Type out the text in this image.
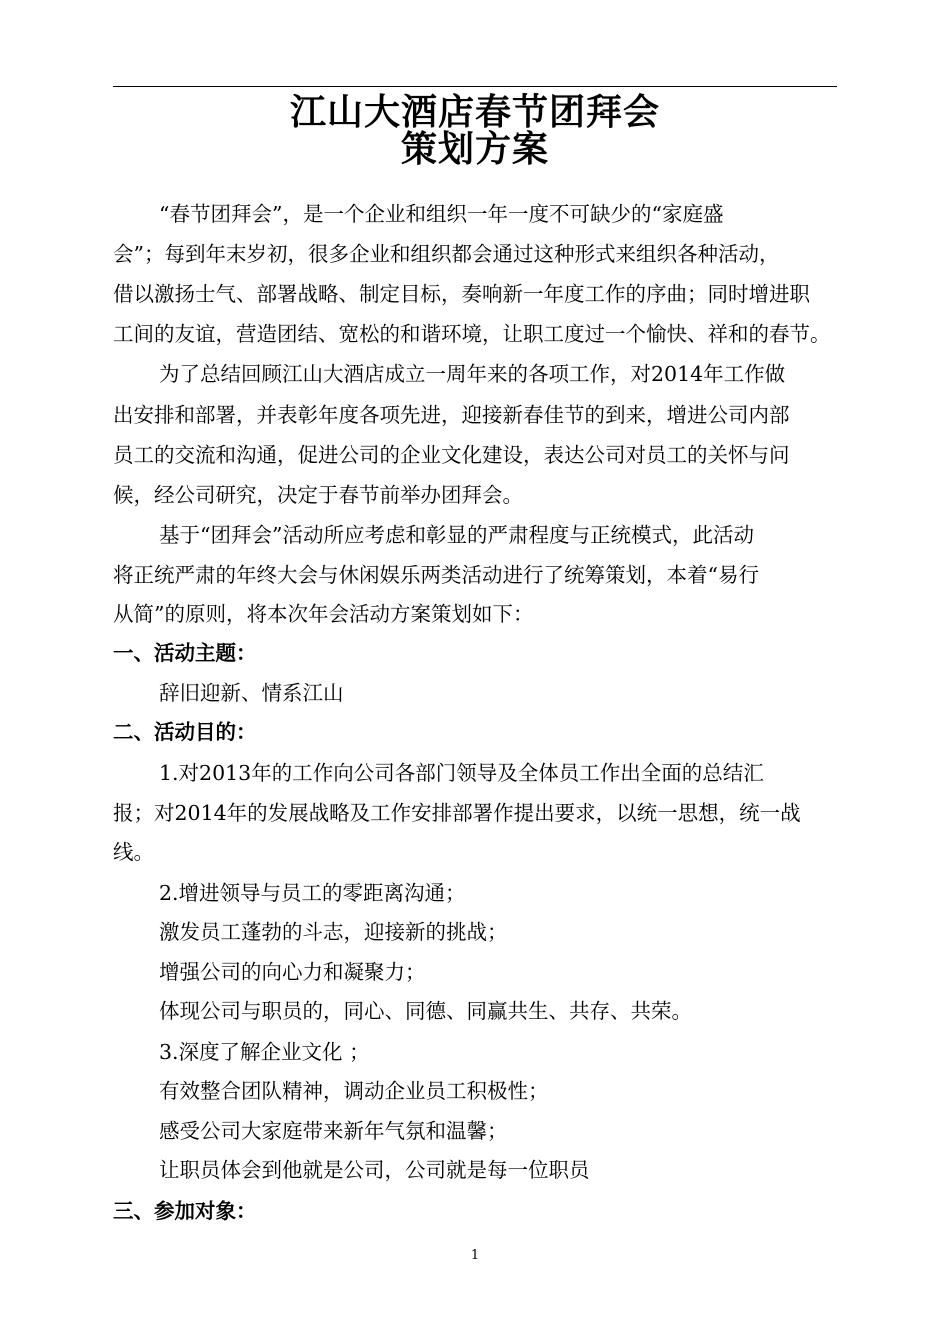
江山大酒店春节团拜会
策划方案
“春节团拜会”，是一个企业和组织一年一度不可缺少的“家庭盛
会”；每到年末岁初，很多企业和组织都会通过这种形式来组织各种活动，
借以激扬士气、部署战略、制定目标，奏响新一年度工作的序曲；同时增进职
工间的友谊，营造团结、宽松的和谐环境，让职工度过一个愉快、祥和的春节。
为了总结回顾江山大酒店成立一周年来的各项工作，对2014年工作做
出安排和部署，并表彰年度各项先进，迎接新春佳节的到来，增进公司内部
员工的交流和沟通，促进公司的企业文化建设，表达公司对员工的关怀与问
候，经公司研究，决定于春节前举办团拜会。
基于“团拜会”活动所应考虑和彰显的严肃程度与正统模式，此活动
将正统严肃的年终大会与休闲娱乐两类活动进行了统筹策划，本着“易行
从简”的原则，将本次年会活动方案策划如下：
一、活动主题：
辞旧迎新、情系江山
二、活动目的：
1.对2013年的工作向公司各部门领导及全体员工作出全面的总结汇
报；对2014年的发展战略及工作安排部署作提出要求，以统一思想，统一战
线。
2.增进领导与员工的零距离沟通；
激发员工蓬勃的斗志，迎接新的挑战；
增强公司的向心力和凝聚力；
体现公司与职员的，同心、同德、同赢共生、共存、共荣。
3.深度了解企业文化 ；
有效整合团队精神，调动企业员工积极性；
感受公司大家庭带来新年气氛和温馨；
让职员体会到他就是公司，公司就是每一位职员
三、参加对象：
1
